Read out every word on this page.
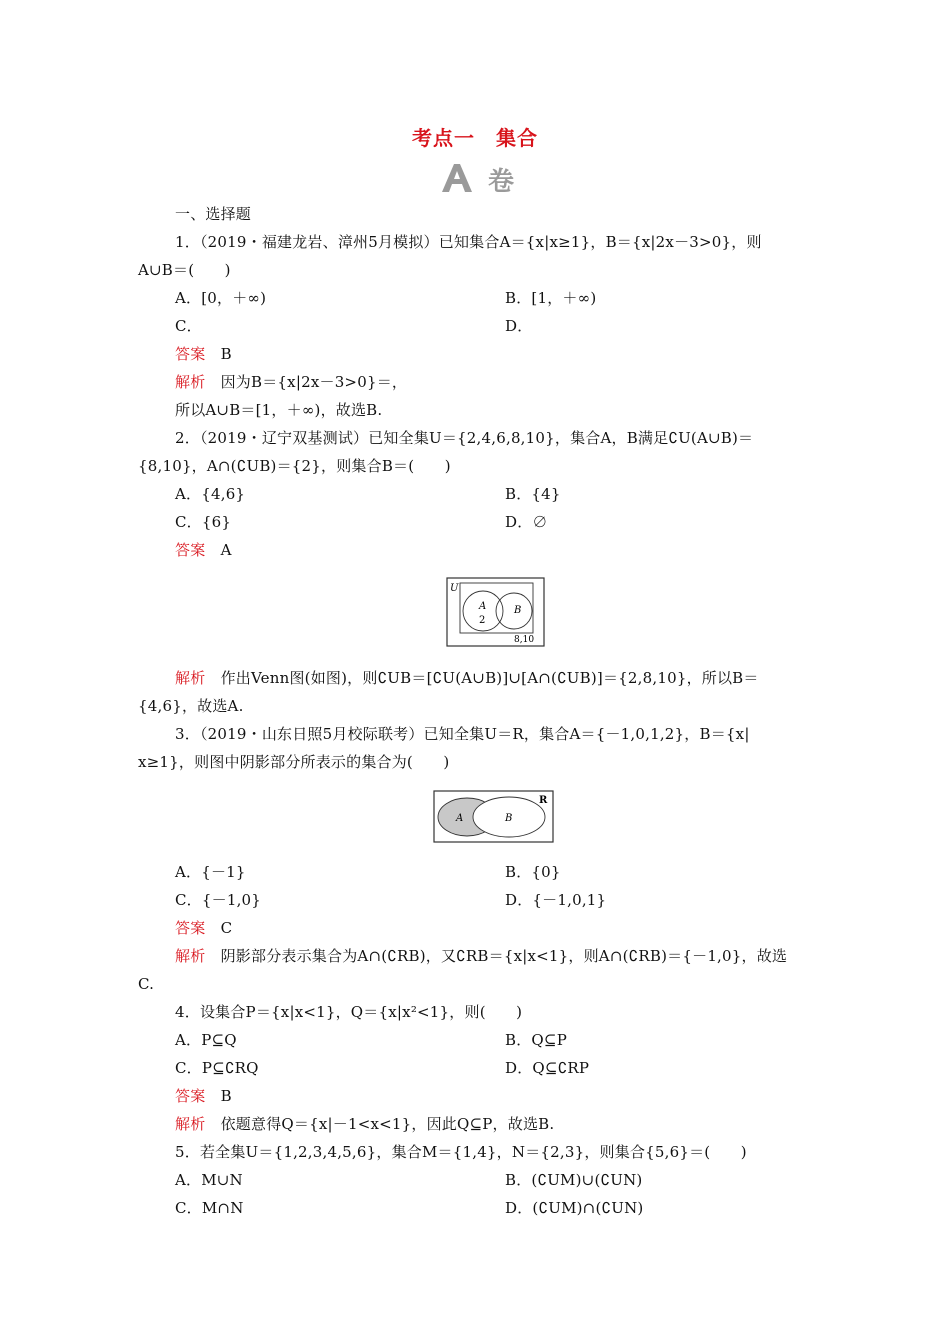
考点一　集合
卷
一、选择题
1．（2019・福建龙岩、漳州5月模拟）已知集合A＝{x|x≥1}，B＝{x|2x－3>0}，则
A∪B＝(　　)
A．[0，＋∞)	B．[1，＋∞)
C．	D．
答案　 B
解析　 因为B＝{x|2x－3>0}＝，
所以A∪B＝[1，＋∞)，故选B.
2．（2019・辽宁双基测试）已知全集U＝{2,4,6,8,10}，集合A，B满足∁U(A∪B)＝
{8,10}，A∩(∁UB)＝{2}，则集合B＝(　　)
A．{4,6}	B．{4}
C．{6}	D．∅
答案　 A
U
A
2
B
8,10
解析　 作出Venn图(如图)，则∁UB＝[∁U(A∪B)]∪[A∩(∁UB)]＝{2,8,10}，所以B＝
{4,6}，故选A.
3．（2019・山东日照5月校际联考）已知全集U＝R，集合A＝{－1,0,1,2}，B＝{x|
x≥1}，则图中阴影部分所表示的集合为(　　)
R
A	B
A．{－1}	B．{0}
C．{－1,0}	D．{－1,0,1}
答案　 C
解析　 阴影部分表示集合为A∩(∁RB)，又∁RB＝{x|x<1}，则A∩(∁RB)＝{－1,0}，故选
C.
4．设集合P＝{x|x<1}，Q＝{x|x²<1}，则(　　)
A．P⊆Q	B．Q⊆P
C．P⊆∁RQ	D．Q⊆∁RP
答案　 B
解析　 依题意得Q＝{x|－1<x<1}，因此Q⊆P，故选B.
5．若全集U＝{1,2,3,4,5,6}，集合M＝{1,4}，N＝{2,3}，则集合{5,6}＝(　　)
A．M∪N	B．(∁UM)∪(∁UN)
C．M∩N	D．(∁UM)∩(∁UN)
